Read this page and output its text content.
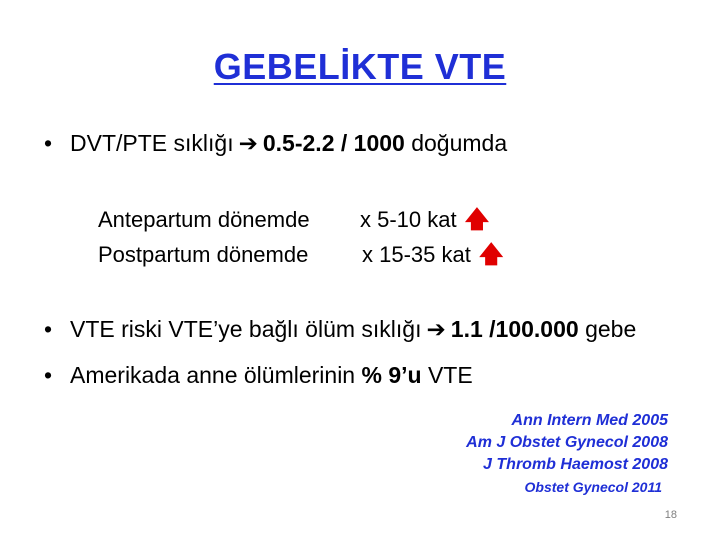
GEBELİKTE VTE
• DVT/PTE sıklığı ➔ 0.5-2.2 / 1000 doğumda
Antepartum dönemde x 5-10 kat 🡅
Postpartum dönemde x 15-35 kat 🡅
• VTE riski VTE’ye bağlı ölüm sıklığı ➔ 1.1 /100.000 gebe
• Amerikada anne ölümlerinin % 9’u VTE
Ann Intern Med 2005
Am J Obstet Gynecol 2008
J Thromb Haemost 2008
Obstet Gynecol 2011
18
